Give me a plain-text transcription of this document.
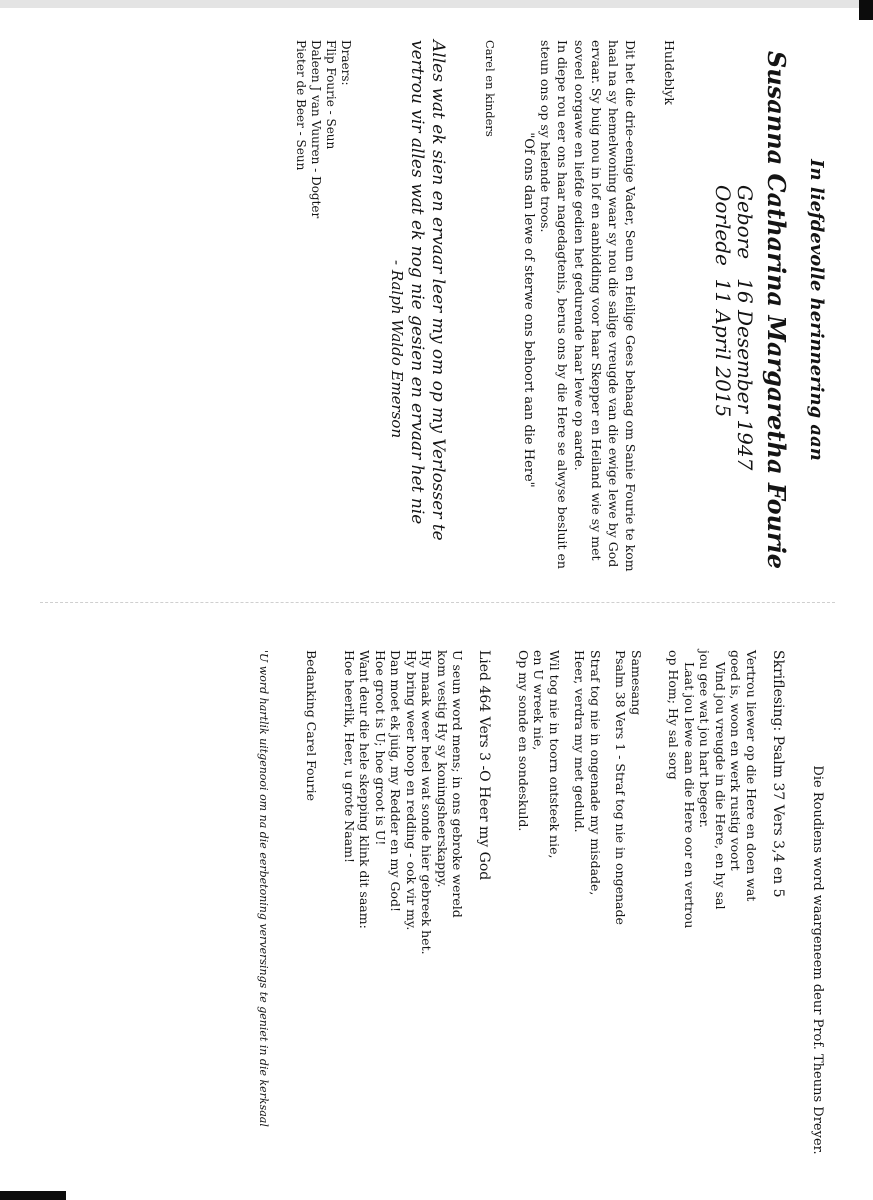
In liefdevolle herinnering aan
Susanna Catharina Margaretha Fourie
Gebore   16 Desember 1947
Oorlede  11 April 2015

Huldeblyk

Dit het die drie-eenige Vader, Seun en Heilige Gees behaag om Sanie Fourie te kom haal na sy hemelwoning waar sy nou die salige vreugde van die ewige lewe by God ervaar. Sy buig nou in lof en aanbidding voor haar Skepper en Heiland wie sy met soveel oorgawe en liefde gedien het gedurende haar lewe op aarde.

In diepe rou eer ons haar nagedagtenis, berus ons by die Here se alwyse besluit en steun ons op sy helende troos.

"Of ons dan lewe of sterwe ons behoort aan die Here"

Carel en kinders

Alles wat ek sien en ervaar leer my om op my Verlosser te vertrou vir alles wat ek nog nie gesien en ervaar het nie

- Ralph Waldo Emerson

Draers:
Flip Fourie - Seun
Daleen J van Vuuren - Dogter
Pieter de Beer - Seun

Die Roudiens word waargeneem deur Prof. Theuns Dreyer.

Skriflesing: Psalm 37 Vers 3,4 en 5

Vertrou liewer op die Here en doen wat
goed is, woon en werk rustig voort
Vind jou vreugde in die Here, en hy sal
jou gee wat jou hart begeer.
Laat jou lewe aan die Here oor en vertrou
op Hom; Hy sal sorg
Samesang
Psalm 38 Vers 1 - Straf tog nie in ongenade
Straf tog nie in ongenade my misdade,
Heer, verdra my met geduld.
Wil tog nie in toorn ontsteek nie,
en U wreek nie,
Op my sonde en sondeskuld.

Lied 464 Vers 3 -O Heer my God

U seun word mens; in ons gebroke wereld
kom vestig Hy sy koningsheerskappy.
Hy maak weer heel wat sonde hier gebreek het.
Hy bring weer hoop en redding - ook vir my.
Dan moet ek juig, my Redder en my God!
Hoe groot is U; hoe groot is U!
Want deur die hele skepping klink dit saam:
Hoe heerlik, Heer, u grote Naam!
Bedanking Carel Fourie

'U word hartlik uitgenooi om na die eerbetoning verversings te geniet in die kerksaal
